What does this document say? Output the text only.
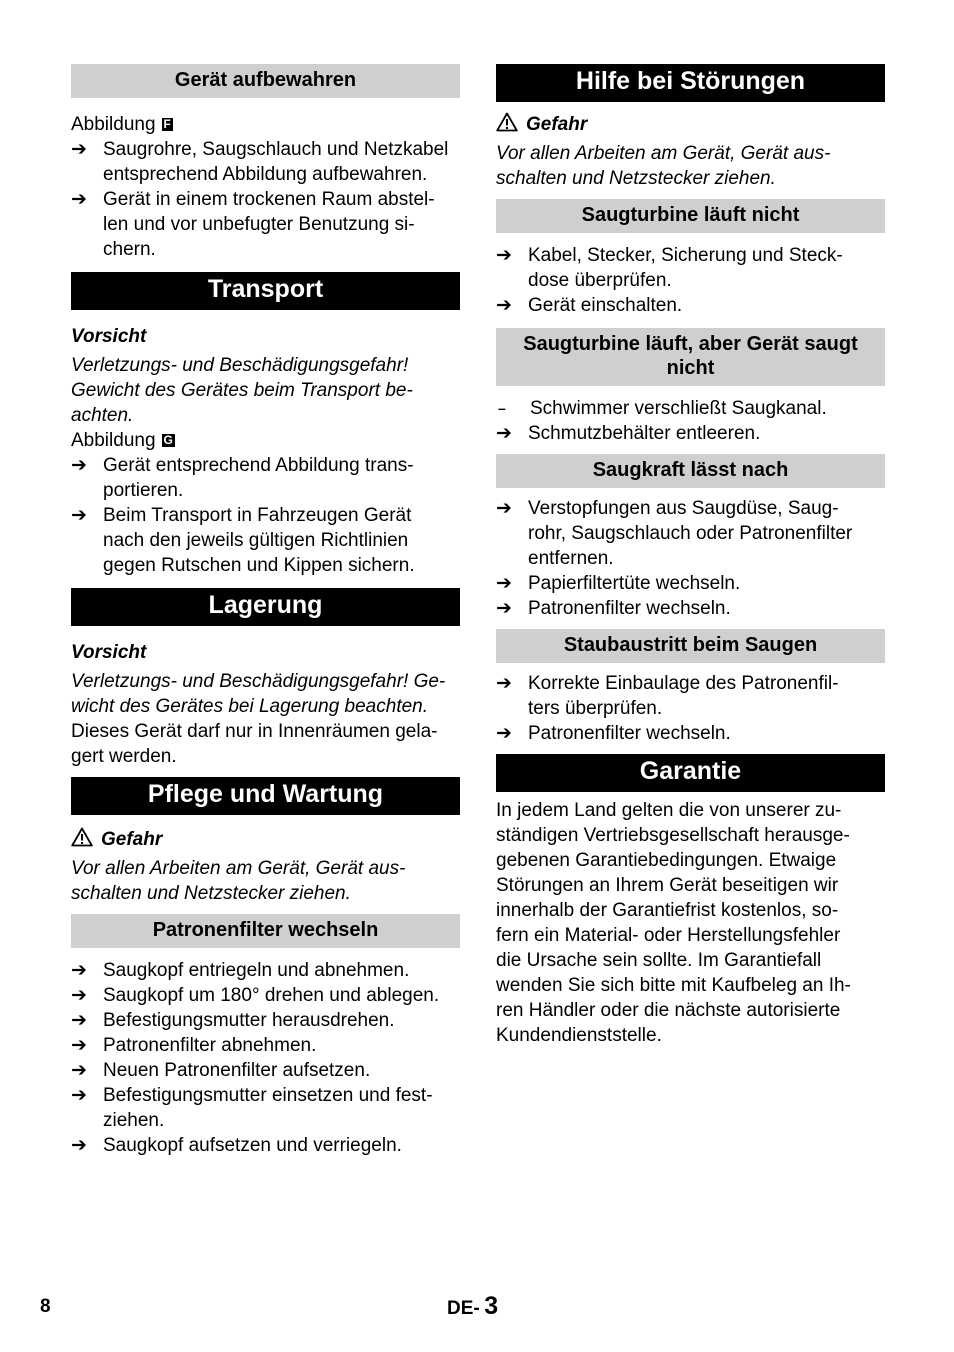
Gerät aufbewahren
Abbildung F
➔ Saugrohre, Saugschlauch und Netzkabel
entsprechend Abbildung aufbewahren.
➔ Gerät in einem trockenen Raum abstel-
len und vor unbefugter Benutzung si-
chern.
Transport
Vorsicht
Verletzungs- und Beschädigungsgefahr!
Gewicht des Gerätes beim Transport be-
achten.
Abbildung G
➔ Gerät entsprechend Abbildung trans-
portieren.
➔ Beim Transport in Fahrzeugen Gerät
nach den jeweils gültigen Richtlinien
gegen Rutschen und Kippen sichern.
Lagerung
Vorsicht
Verletzungs- und Beschädigungsgefahr! Ge-
wicht des Gerätes bei Lagerung beachten.
Dieses Gerät darf nur in Innenräumen gela-
gert werden.
Pflege und Wartung
Gefahr
Vor allen Arbeiten am Gerät, Gerät aus-
schalten und Netzstecker ziehen.
Patronenfilter wechseln
➔ Saugkopf entriegeln und abnehmen.
➔ Saugkopf um 180° drehen und ablegen.
➔ Befestigungsmutter herausdrehen.
➔ Patronenfilter abnehmen.
➔ Neuen Patronenfilter aufsetzen.
➔ Befestigungsmutter einsetzen und fest-
ziehen.
➔ Saugkopf aufsetzen und verriegeln.
Hilfe bei Störungen
Gefahr
Vor allen Arbeiten am Gerät, Gerät aus-
schalten und Netzstecker ziehen.
Saugturbine läuft nicht
➔ Kabel, Stecker, Sicherung und Steck-
dose überprüfen.
➔ Gerät einschalten.
Saugturbine läuft, aber Gerät saugt
nicht
–	Schwimmer verschließt Saugkanal.
➔ Schmutzbehälter entleeren.
Saugkraft lässt nach
➔ Verstopfungen aus Saugdüse, Saug-
rohr, Saugschlauch oder Patronenfilter
entfernen.
➔ Papierfiltertüte wechseln.
➔ Patronenfilter wechseln.
Staubaustritt beim Saugen
➔ Korrekte Einbaulage des Patronenfil-
ters überprüfen.
➔ Patronenfilter wechseln.
Garantie
In jedem Land gelten die von unserer zu-
ständigen Vertriebsgesellschaft herausge-
gebenen Garantiebedingungen. Etwaige
Störungen an Ihrem Gerät beseitigen wir
innerhalb der Garantiefrist kostenlos, so-
fern ein Material- oder Herstellungsfehler
die Ursache sein sollte. Im Garantiefall
wenden Sie sich bitte mit Kaufbeleg an Ih-
ren Händler oder die nächste autorisierte
Kundendienststelle.
8	DE- 3
